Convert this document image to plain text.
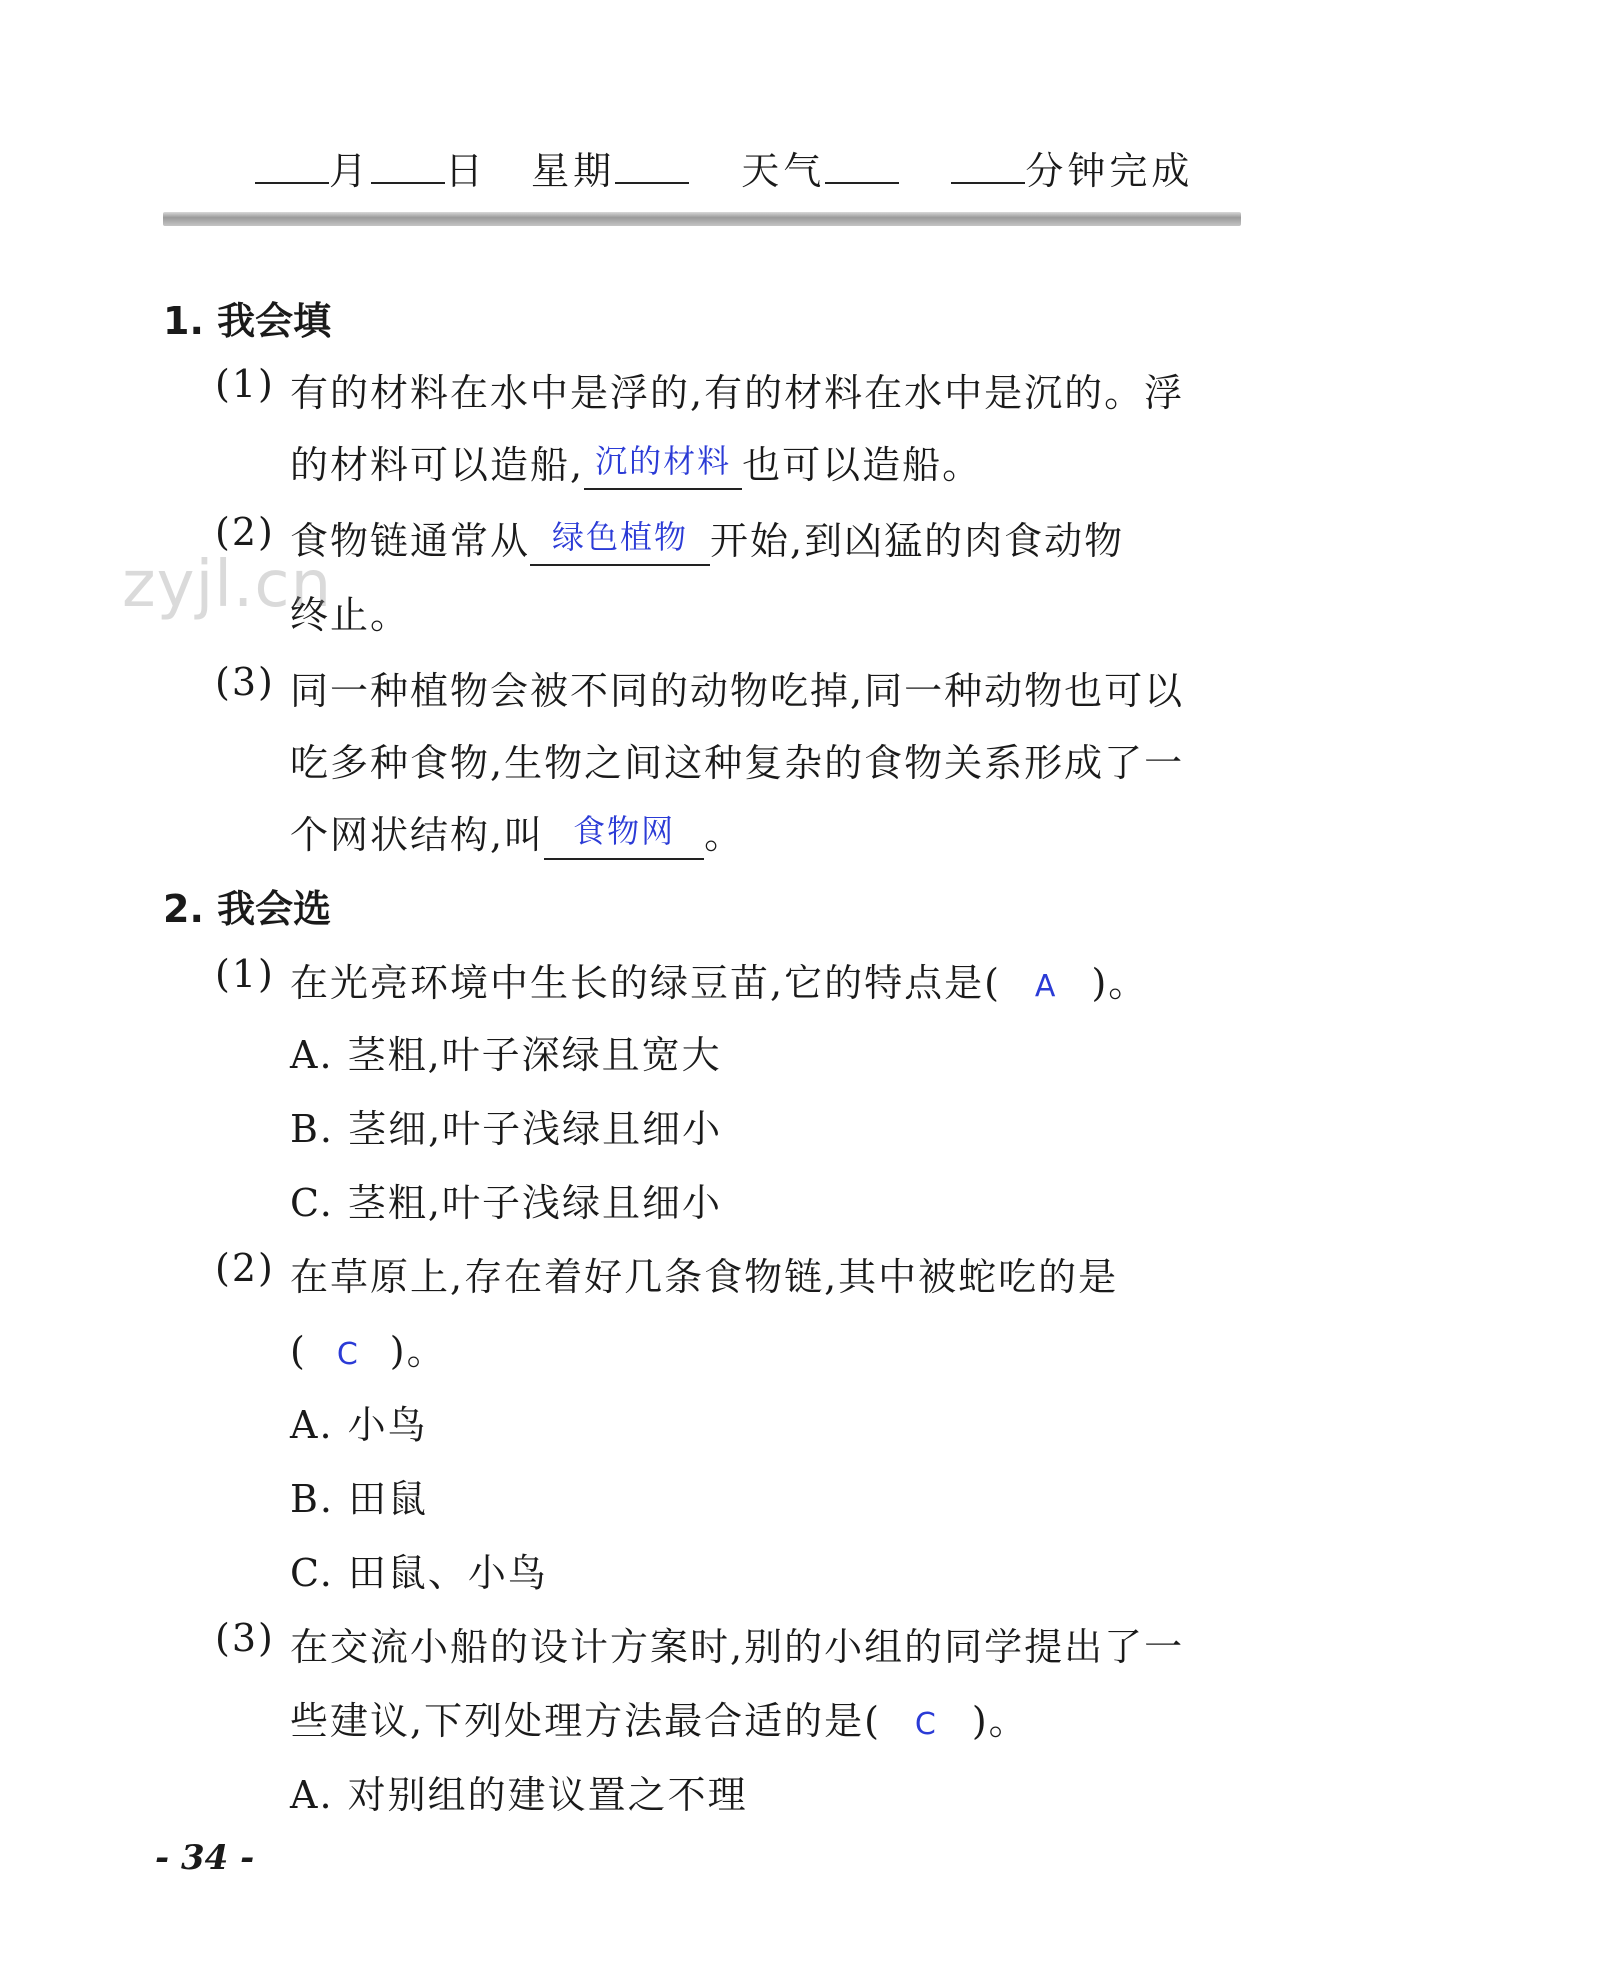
月 日 星期	天气	分钟完成
1. 我会填
(1) 有的材料在水中是浮的,有的材料在水中是沉的。浮
的材料可以造船, 沉的材料 也可以造船。
(2) 食物链通常从 绿色植物 开始,到凶猛的肉食动物
终止。
(3) 同一种植物会被不同的动物吃掉,同一种动物也可以
吃多种食物,生物之间这种复杂的食物关系形成了一
个网状结构,叫 食物网 。
2. 我会选
(1) 在光亮环境中生长的绿豆苗,它的特点是( A )。
A. 茎粗,叶子深绿且宽大
B. 茎细,叶子浅绿且细小
C. 茎粗,叶子浅绿且细小
(2) 在草原上,存在着好几条食物链,其中被蛇吃的是
( C )。
A. 小鸟
B. 田鼠
C. 田鼠、小鸟
(3) 在交流小船的设计方案时,别的小组的同学提出了一
些建议,下列处理方法最合适的是( C )。
A. 对别组的建议置之不理
zyjl.cn
- 34 -
